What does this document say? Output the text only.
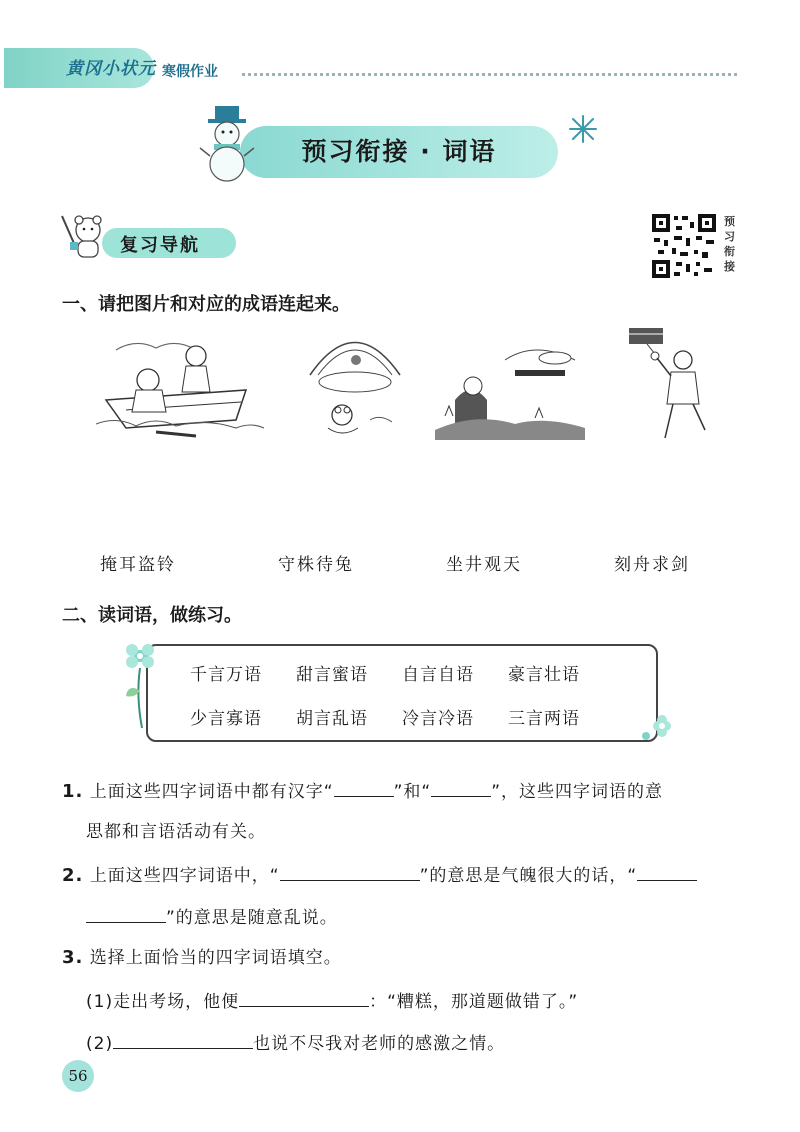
黄冈小状元 寒假作业
预习衔接 · 词语
复习导航
预习衔接
一、请把图片和对应的成语连起来。
掩耳盗铃	守株待兔	坐井观天	刻舟求剑
二、读词语，做练习。
千言万语 甜言蜜语 自言自语 豪言壮语
少言寡语 胡言乱语 冷言冷语 三言两语
1. 上面这些四字词语中都有汉字“	”和“	”，这些四字词语的意
思都和言语活动有关。
2. 上面这些四字词语中，“	”的意思是气魄很大的话，“
”的意思是随意乱说。
3. 选择上面恰当的四字词语填空。
(1)走出考场，他便	：“糟糕，那道题做错了。”
(2)	也说不尽我对老师的感激之情。
56
